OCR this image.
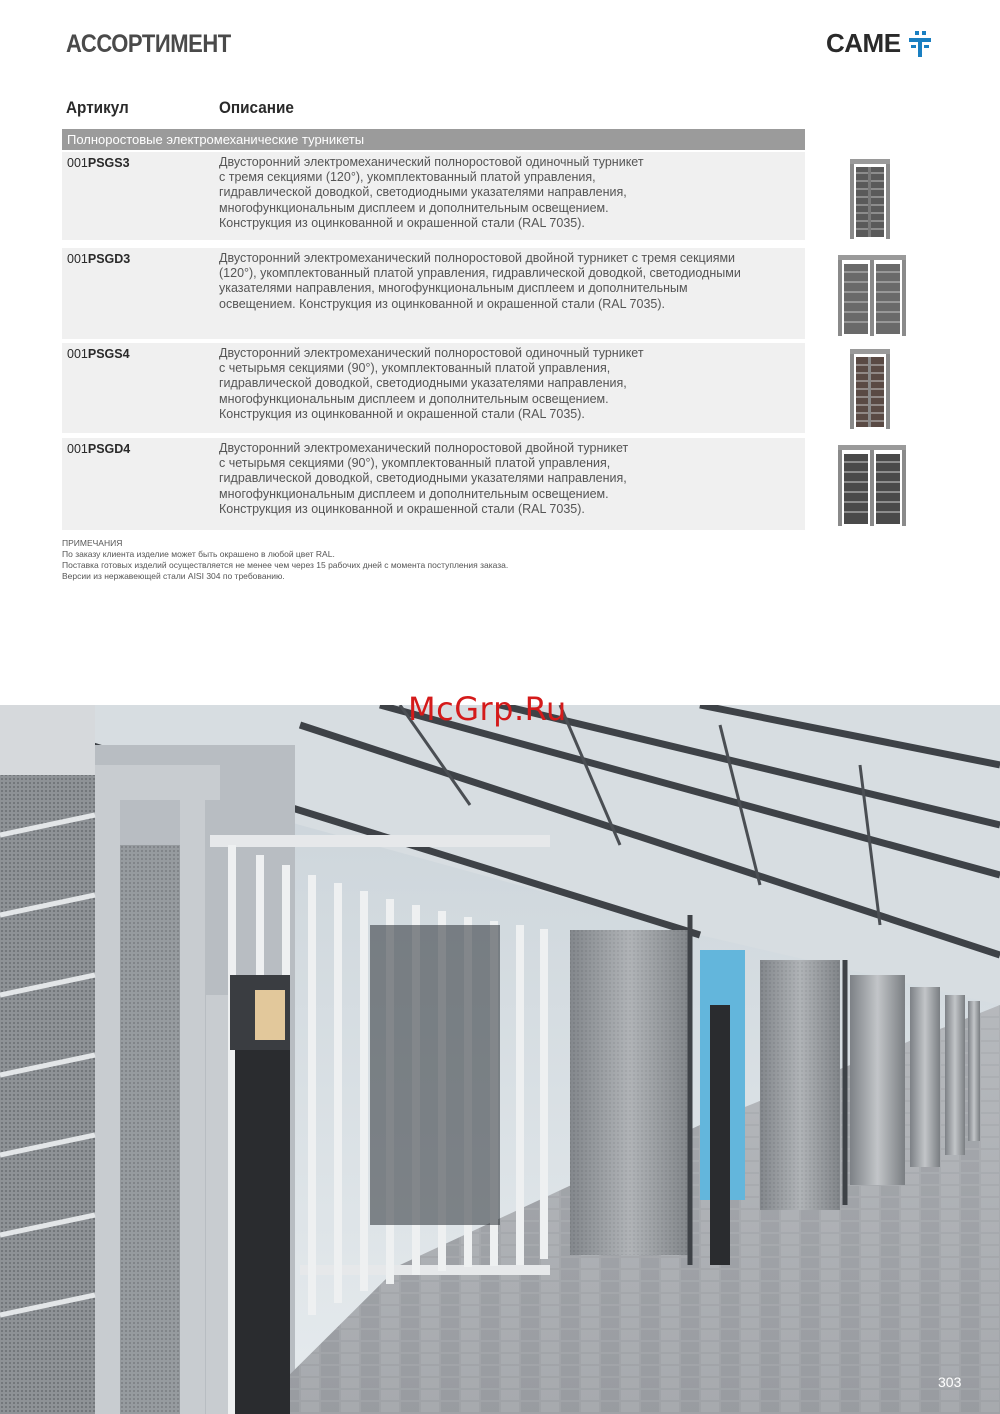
АССОРТИМЕНТ	CAME
Артикул	Описание
Полноростовые электромеханические турникеты
001PSGS3	Двусторонний электромеханический полноростовой одиночный турникет
с тремя секциями (120°), укомплектованный платой управления,
гидравлической доводкой, светодиодными указателями направления,
многофункциональным дисплеем и дополнительным освещением.
Конструкция из оцинкованной и окрашенной стали (RAL 7035).
001PSGD3	Двусторонний электромеханический полноростовой двойной турникет с тремя секциями
(120°), укомплектованный платой управления, гидравлической доводкой, светодиодными
указателями направления, многофункциональным дисплеем и дополнительным
освещением. Конструкция из оцинкованной и окрашенной стали (RAL 7035).
001PSGS4	Двусторонний электромеханический полноростовой одиночный турникет
с четырьмя секциями (90°), укомплектованный платой управления,
гидравлической доводкой, светодиодными указателями направления,
многофункциональным дисплеем и дополнительным освещением.
Конструкция из оцинкованной и окрашенной стали (RAL 7035).
001PSGD4	Двусторонний электромеханический полноростовой двойной турникет
с четырьмя секциями (90°), укомплектованный платой управления,
гидравлической доводкой, светодиодными указателями направления,
многофункциональным дисплеем и дополнительным освещением.
Конструкция из оцинкованной и окрашенной стали (RAL 7035).
ПРИМЕЧАНИЯ
По заказу клиента изделие может быть окрашено в любой цвет RAL.
Поставка готовых изделий осуществляется не менее чем через 15 рабочих дней с момента поступления заказа.
Версии из нержавеющей стали AISI 304 по требованию.
McGrp.Ru
303
